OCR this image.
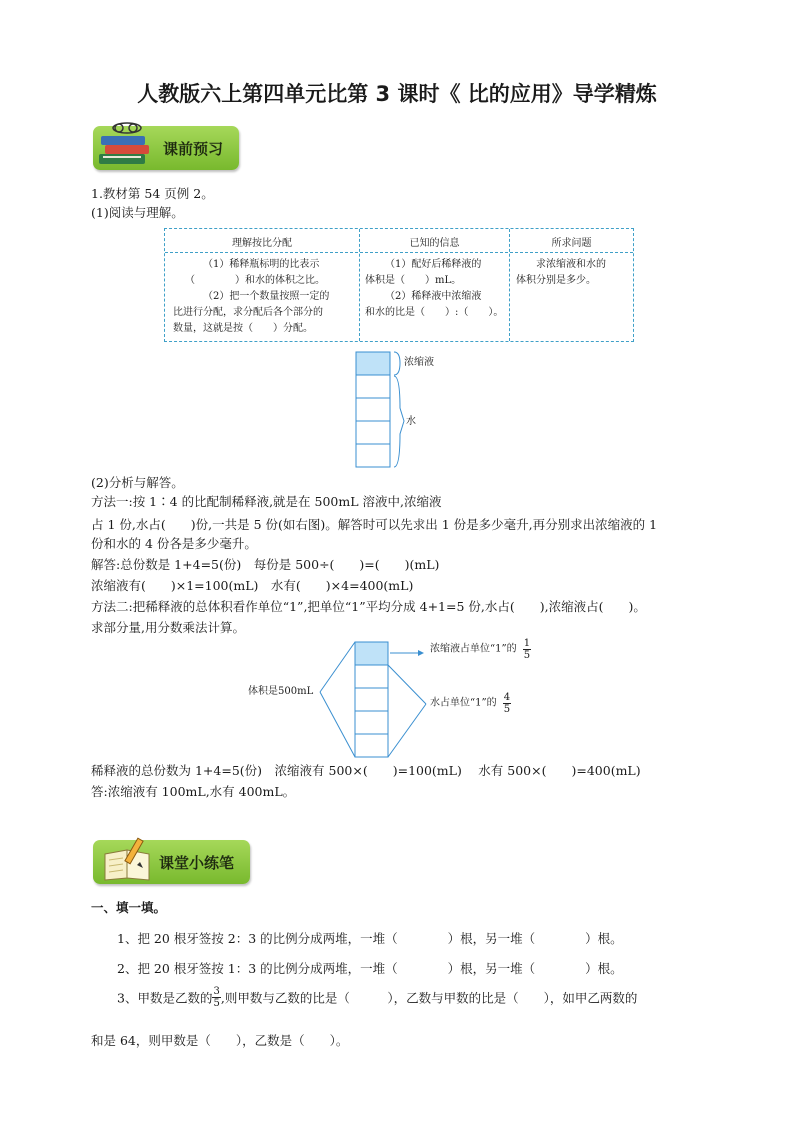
人教版六上第四单元比第 3 课时《 比的应用》导学精炼
课前预习
1.教材第 54 页例 2。
(1)阅读与理解。
理解按比分配	已知的信息	所求问题
（1）稀释瓶标明的比表示
（　　　　）和水的体积之比。
（2）把一个数量按照一定的
比进行分配，求分配后各个部分的
数量，这就是按（　　）分配。
（1）配好后稀释液的
体积是（　　）mL。
（2）稀释液中浓缩液
和水的比是（　　）:（　　）。
求浓缩液和水的
体积分别是多少。
浓缩液
水
(2)分析与解答。
方法一:按 1∶4 的比配制稀释液,就是在 500mL 溶液中,浓缩液
占 1 份,水占(　　)份,一共是 5 份(如右图)。解答时可以先求出 1 份是多少毫升,再分别求出浓缩液的 1
份和水的 4 份各是多少毫升。
解答:总份数是 1+4=5(份)　每份是 500÷(　　)=(　　)(mL)
浓缩液有(　　)×1=100(mL)　水有(　　)×4=400(mL)
方法二:把稀释液的总体积看作单位“1”,把单位“1”平均分成 4+1=5 份,水占(　　),浓缩液占(　　)。
求部分量,用分数乘法计算。
体积是500mL
浓缩液占单位“1”的 $\frac{1}{5}$
水占单位“1”的 $\frac{4}{5}$
稀释液的总份数为 1+4=5(份)　浓缩液有 500×(　　)=100(mL)　 水有 500×(　　)=400(mL)
答:浓缩液有 100mL,水有 400mL。
课堂小练笔
一、填一填。
1、把 20 根牙签按 2：3 的比例分成两堆，一堆（　　　　）根，另一堆（　　　　）根。
2、把 20 根牙签按 1：3 的比例分成两堆，一堆（　　　　）根，另一堆（　　　　）根。
3、甲数是乙数的 $\frac{3}{5}$ ,则甲数与乙数的比是（　　　），乙数与甲数的比是（　　），如甲乙两数的
和是 64，则甲数是（　　），乙数是（　　）。
